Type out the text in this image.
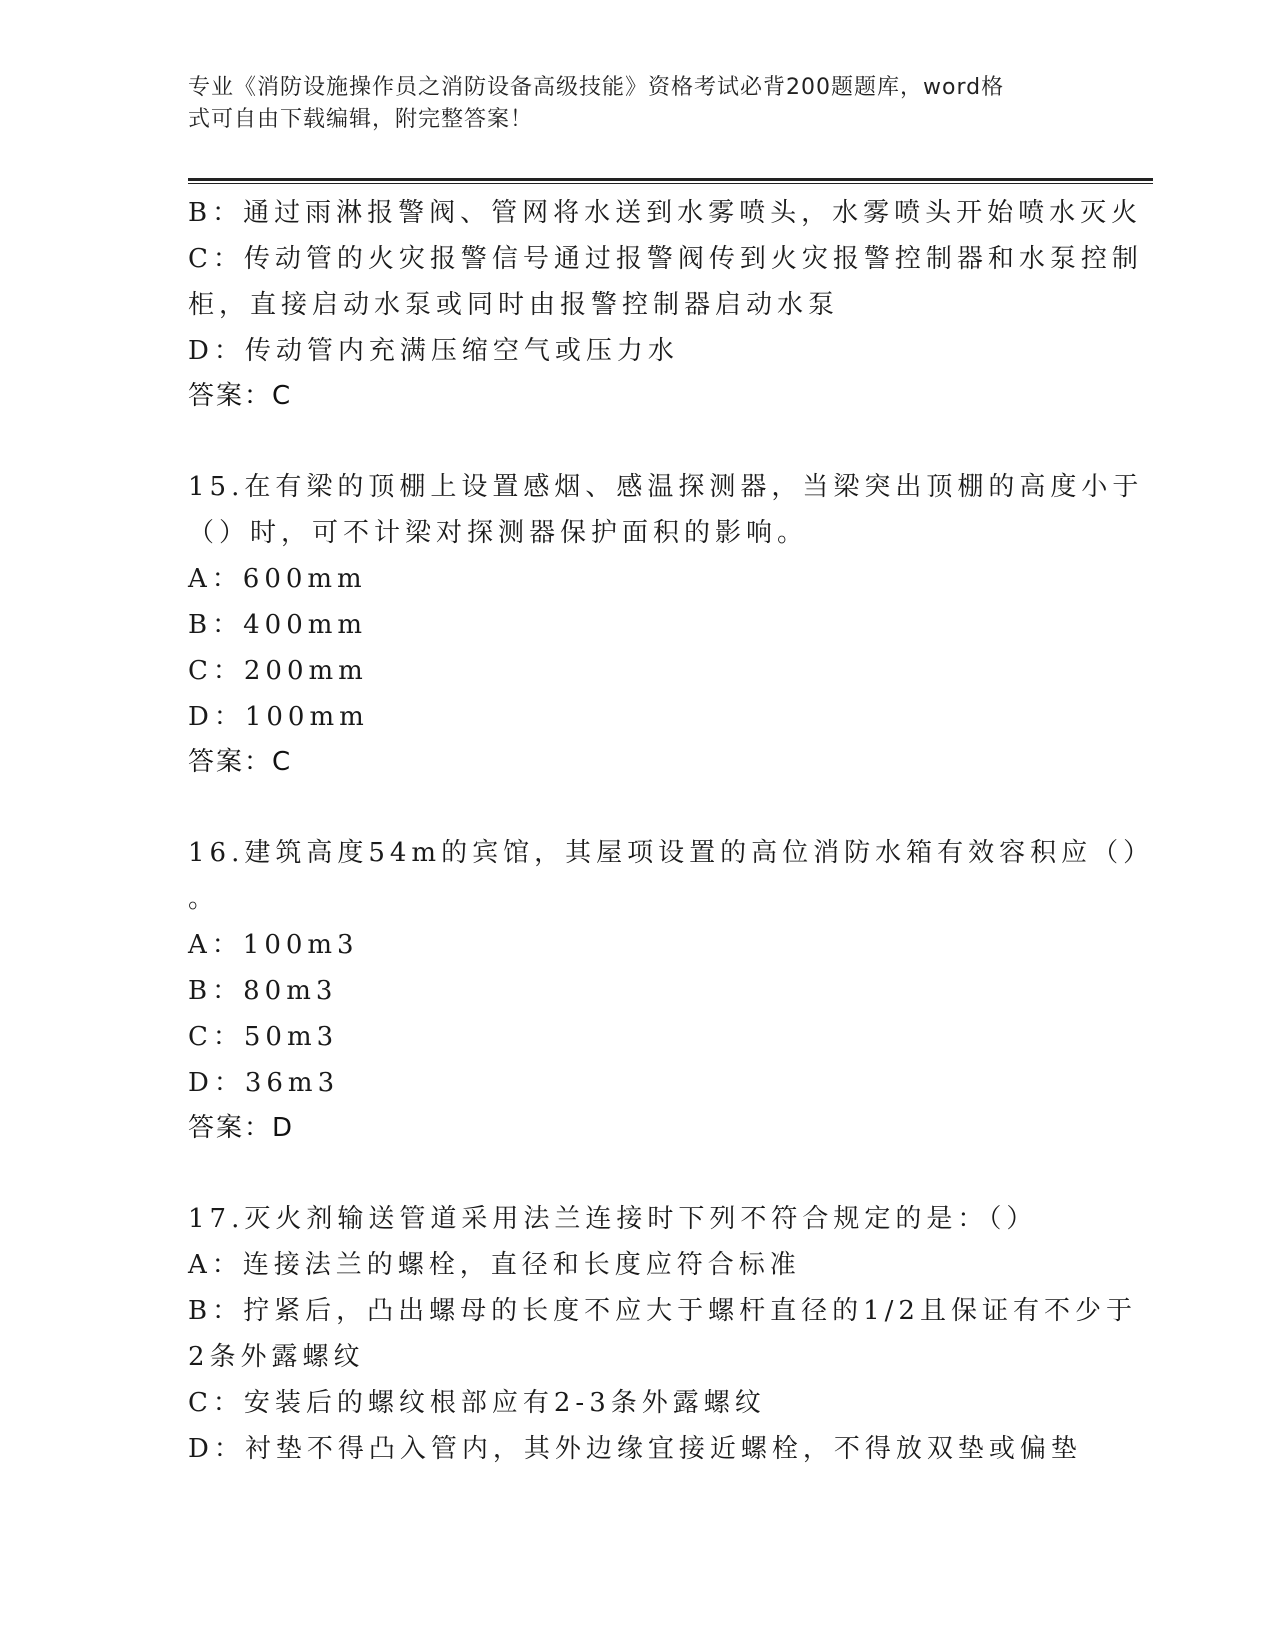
专业《消防设施操作员之消防设备高级技能》资格考试必背200题题库，word格
式可自由下载编辑，附完整答案！
B：通过雨淋报警阀、管网将水送到水雾喷头，水雾喷头开始喷水灭火
C：传动管的火灾报警信号通过报警阀传到火灾报警控制器和水泵控制
柜，直接启动水泵或同时由报警控制器启动水泵
D：传动管内充满压缩空气或压力水
答案：C
15.在有梁的顶棚上设置感烟、感温探测器，当梁突出顶棚的高度小于
（）时，可不计梁对探测器保护面积的影响。
A：600mm
B：400mm
C：200mm
D：100mm
答案：C
16.建筑高度54m的宾馆，其屋项设置的高位消防水箱有效容积应（）
。
A：100m3
B：80m3
C：50m3
D：36m3
答案：D
17.灭火剂输送管道采用法兰连接时下列不符合规定的是：（）
A：连接法兰的螺栓，直径和长度应符合标准
B：拧紧后，凸出螺母的长度不应大于螺杆直径的1/2且保证有不少于
2条外露螺纹
C：安装后的螺纹根部应有2-3条外露螺纹
D：衬垫不得凸入管内，其外边缘宜接近螺栓，不得放双垫或偏垫
